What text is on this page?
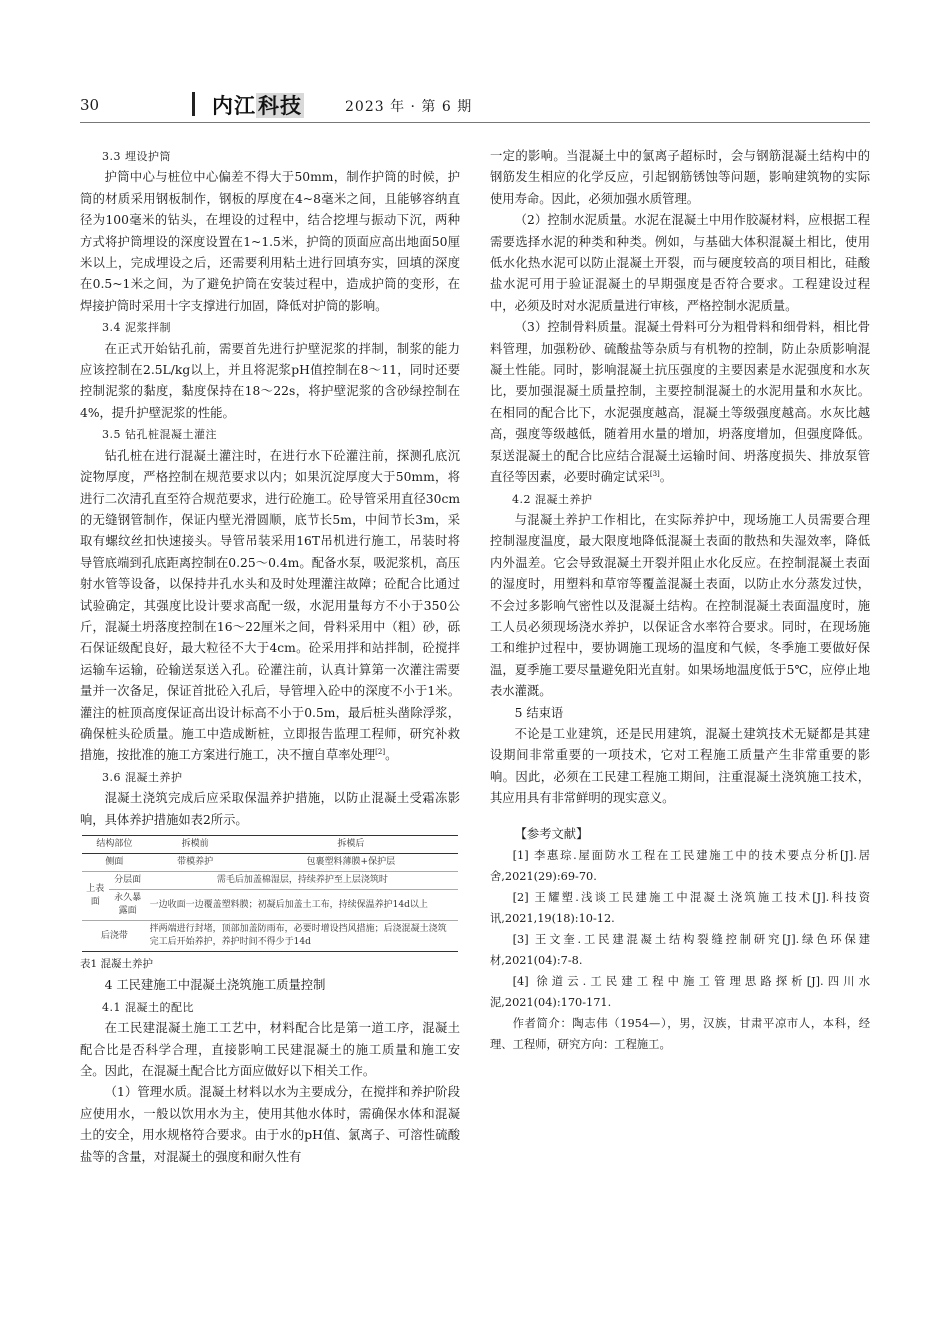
30	内江科技	2023 年 · 第 6 期

3.3 埋设护筒

护筒中心与桩位中心偏差不得大于50mm，制作护筒的时候，护筒的材质采用钢板制作，钢板的厚度在4~8毫米之间，且能够容纳直径为100毫米的钻头，在埋设的过程中，结合挖埋与振动下沉，两种方式将护筒埋设的深度设置在1~1.5米，护筒的顶面应高出地面50厘米以上，完成埋设之后，还需要利用粘土进行回填夯实，回填的深度在0.5~1米之间，为了避免护筒在安装过程中，造成护筒的变形，在焊接护筒时采用十字支撑进行加固，降低对护筒的影响。

3.4 泥浆拌制

在正式开始钻孔前，需要首先进行护壁泥浆的拌制，制浆的能力应该控制在2.5L/kg以上，并且将泥浆pH值控制在8～11，同时还要控制泥浆的黏度，黏度保持在18～22s，将护壁泥浆的含砂绿控制在4%，提升护壁泥浆的性能。

3.5 钻孔桩混凝土灌注

钻孔桩在进行混凝土灌注时，在进行水下砼灌注前，探测孔底沉淀物厚度，严格控制在规范要求以内；如果沉淀厚度大于50mm，将进行二次清孔直至符合规范要求，进行砼施工。砼导管采用直径30cm的无缝钢管制作，保证内壁光滑圆顺，底节长5m，中间节长3m，采取有螺纹丝扣快速接头。导管吊装采用16T吊机进行施工，吊装时将导管底端到孔底距离控制在0.25～0.4m。配备水泵，吸泥浆机，高压射水管等设备，以保持井孔水头和及时处理灌注故障；砼配合比通过试验确定，其强度比设计要求高配一级，水泥用量每方不小于350公斤，混凝土坍落度控制在16～22厘米之间，骨料采用中（粗）砂，砾石保证级配良好，最大粒径不大于4cm。砼采用拌和站拌制，砼搅拌运输车运输，砼输送泵送入孔。砼灌注前，认真计算第一次灌注需要量并一次备足，保证首批砼入孔后，导管埋入砼中的深度不小于1米。灌注的桩顶高度保证高出设计标高不小于0.5m，最后桩头凿除浮浆，确保桩头砼质量。施工中造成断桩，立即报告监理工程师，研究补救措施，按批准的施工方案进行施工，决不擅自草率处理[2]。

3.6 混凝土养护

混凝土浇筑完成后应采取保温养护措施，以防止混凝土受霜冻影响，具体养护措施如表2所示。

结构部位		拆模前	拆模后
侧面		带模养护	包裹塑料薄膜+保护层
上表面	分层面	需毛后加盖棉湿层，持续养护至上层浇筑时	
	永久暴露面	一边收面一边覆盖塑料膜；初凝后加盖土工布，持续保温养护14d以上	
后浇带		拌两端进行封堵，顶部加盖防雨布，必要时增设挡风措施；后浇混凝土浇筑完工后开始养护，养护时间不得少于14d	

表1 混凝土养护

4 工民建施工中混凝土浇筑施工质量控制

4.1 混凝土的配比

在工民建混凝土施工工艺中，材料配合比是第一道工序，混凝土配合比是否科学合理，直接影响工民建混凝土的施工质量和施工安全。因此，在混凝土配合比方面应做好以下相关工作。

（1）管理水质。混凝土材料以水为主要成分，在搅拌和养护阶段应使用水，一般以饮用水为主，使用其他水体时，需确保水体和混凝土的安全，用水规格符合要求。由于水的pH值、氯离子、可溶性硫酸盐等的含量，对混凝土的强度和耐久性有

一定的影响。当混凝土中的氯离子超标时，会与钢筋混凝土结构中的钢筋发生相应的化学反应，引起钢筋锈蚀等问题，影响建筑物的实际使用寿命。因此，必须加强水质管理。

（2）控制水泥质量。水泥在混凝土中用作胶凝材料，应根据工程需要选择水泥的种类和种类。例如，与基础大体积混凝土相比，使用低水化热水泥可以防止混凝土开裂，而与硬度较高的项目相比，硅酸盐水泥可用于验证混凝土的早期强度是否符合要求。工程建设过程中，必须及时对水泥质量进行审核，严格控制水泥质量。

（3）控制骨料质量。混凝土骨料可分为粗骨料和细骨料，相比骨料管理，加强粉砂、硫酸盐等杂质与有机物的控制，防止杂质影响混凝土性能。同时，影响混凝土抗压强度的主要因素是水泥强度和水灰比，要加强混凝土质量控制，主要控制混凝土的水泥用量和水灰比。在相同的配合比下，水泥强度越高，混凝土等级强度越高。水灰比越高，强度等级越低，随着用水量的增加，坍落度增加，但强度降低。泵送混凝土的配合比应结合混凝土运输时间、坍落度损失、排放泵管直径等因素，必要时确定试采[3]。

4.2 混凝土养护

与混凝土养护工作相比，在实际养护中，现场施工人员需要合理控制湿度温度，最大限度地降低混凝土表面的散热和失湿效率，降低内外温差。它会导致混凝土开裂并阻止水化反应。在控制混凝土表面的湿度时，用塑料和草帘等覆盖混凝土表面，以防止水分蒸发过快，不会过多影响气密性以及混凝土结构。在控制混凝土表面温度时，施工人员必须现场浇水养护，以保证含水率符合要求。同时，在现场施工和维护过程中，要协调施工现场的温度和气候，冬季施工要做好保温，夏季施工要尽量避免阳光直射。如果场地温度低于5℃，应停止地表水灌溉。

5 结束语

不论是工业建筑，还是民用建筑，混凝土建筑技术无疑都是其建设期间非常重要的一项技术，它对工程施工质量产生非常重要的影响。因此，必须在工民建工程施工期间，注重混凝土浇筑施工技术，其应用具有非常鲜明的现实意义。

【参考文献】

[1] 李惠琮.屋面防水工程在工民建施工中的技术要点分析[J].居舍,2021(29):69-70.

[2] 王耀塑.浅谈工民建施工中混凝土浇筑施工技术[J].科技资讯,2021,19(18):10-12.

[3] 王文奎.工民建混凝土结构裂缝控制研究[J].绿色环保建材,2021(04):7-8.

[4] 徐道云.工民建工程中施工管理思路探析[J].四川水泥,2021(04):170-171.

作者简介：陶志伟（1954—），男，汉族，甘肃平凉市人，本科，经理、工程师，研究方向：工程施工。
